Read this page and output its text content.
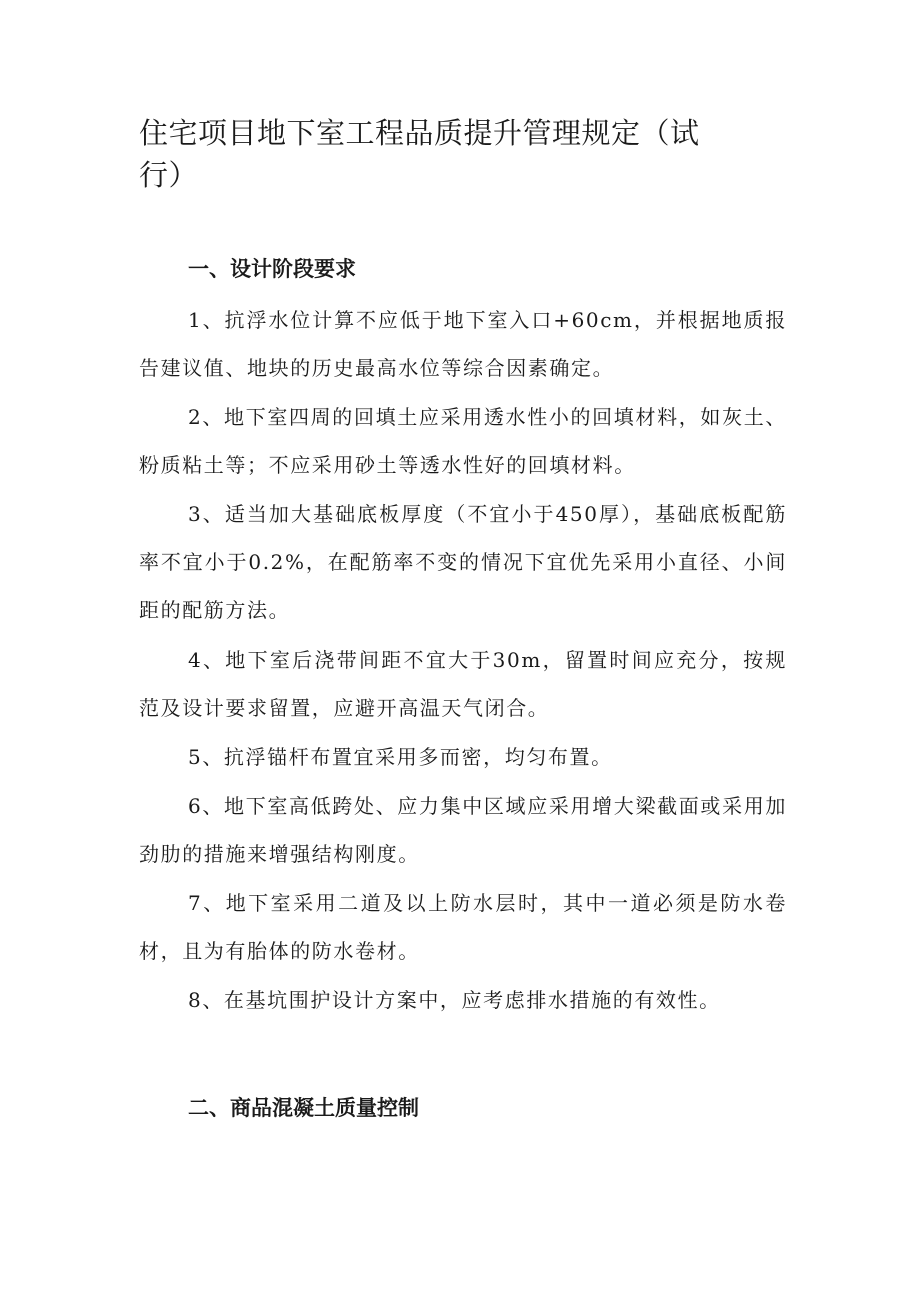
住宅项目地下室工程品质提升管理规定（试行）
一、设计阶段要求

1、抗浮水位计算不应低于地下室入口+60cm，并根据地质报告建议值、地块的历史最高水位等综合因素确定。

2、地下室四周的回填土应采用透水性小的回填材料，如灰土、粉质粘土等；不应采用砂土等透水性好的回填材料。

3、适当加大基础底板厚度（不宜小于450厚），基础底板配筋率不宜小于0.2%，在配筋率不变的情况下宜优先采用小直径、小间距的配筋方法。

4、地下室后浇带间距不宜大于30m，留置时间应充分，按规范及设计要求留置，应避开高温天气闭合。

5、抗浮锚杆布置宜采用多而密，均匀布置。

6、地下室高低跨处、应力集中区域应采用增大梁截面或采用加劲肋的措施来增强结构刚度。

7、地下室采用二道及以上防水层时，其中一道必须是防水卷材，且为有胎体的防水卷材。

8、在基坑围护设计方案中，应考虑排水措施的有效性。

二、商品混凝土质量控制
